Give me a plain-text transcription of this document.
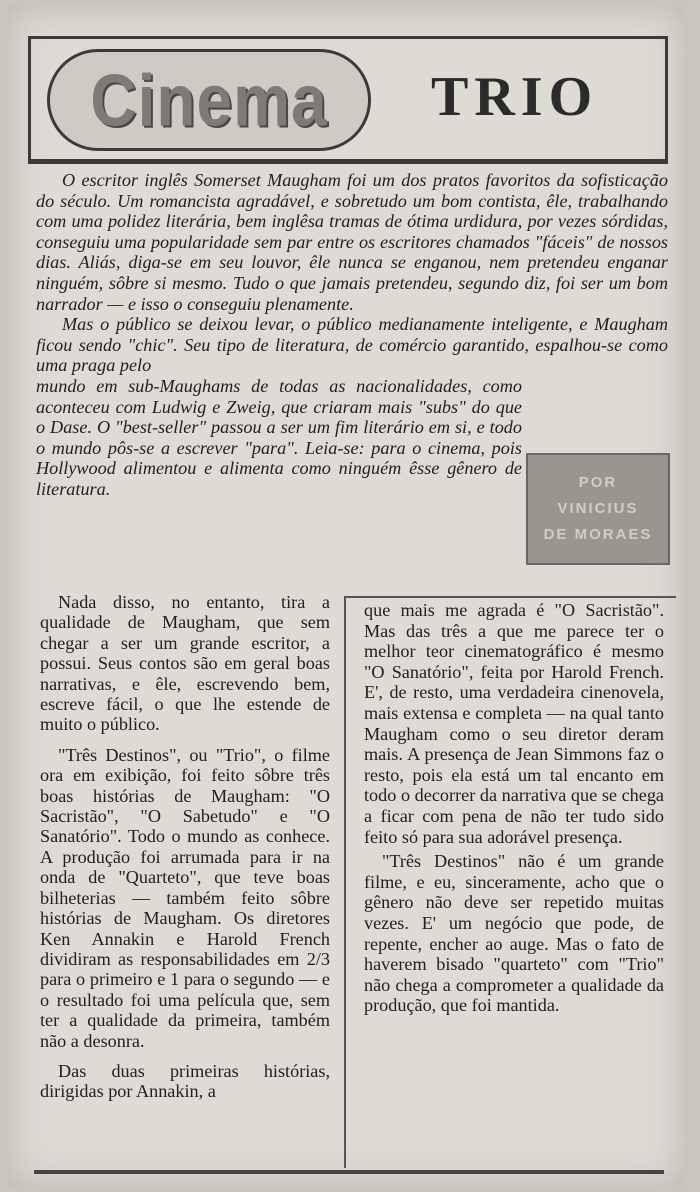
Cinema TRIO

O escritor inglês Somerset Maugham foi um dos pratos favoritos da sofisticação do século. Um romancista agradável, e sobretudo um bom contista, êle, trabalhando com uma polidez literária, bem inglêsa tramas de ótima urdidura, por vezes sórdidas, conseguiu uma popularidade sem par entre os escritores chamados "fáceis" de nossos dias. Aliás, diga-se em seu louvor, êle nunca se enganou, nem pretendeu enganar ninguém, sôbre si mesmo. Tudo o que jamais pretendeu, segundo diz, foi ser um bom narrador — e isso o conseguiu plenamente.

Mas o público se deixou levar, o público medianamente inteligente, e Maugham ficou sendo "chic". Seu tipo de literatura, de comércio garantido, espalhou-se como uma praga pelo

mundo em sub-Maughams de todas as nacionalidades, como aconteceu com Ludwig e Zweig, que criaram mais "subs" do que o Dase. O "best-seller" passou a ser um fim literário em si, e todo o mundo pôs-se a escrever "para". Leia-se: para o cinema, pois Hollywood alimentou e alimenta como ninguém êsse gênero de literatura.	POR
VINICIUS
DE MORAES

Nada disso, no entanto, tira a qualidade de Maugham, que sem chegar a ser um grande escritor, a possui. Seus contos são em geral boas narrativas, e êle, escrevendo bem, escreve fácil, o que lhe estende de muito o público.

"Três Destinos", ou "Trio", o filme ora em exibição, foi feito sôbre três boas histórias de Maugham: "O Sacristão", "O Sabetudo" e "O Sanatório". Todo o mundo as conhece. A produção foi arrumada para ir na onda de "Quarteto", que teve boas bilheterias — também feito sôbre histórias de Maugham. Os diretores Ken Annakin e Harold French dividiram as responsabilidades em 2/3 para o primeiro e 1 para o segundo — e o resultado foi uma película que, sem ter a qualidade da primeira, também não a desonra.

Das duas primeiras histórias, dirigidas por Annakin, a

que mais me agrada é "O Sacristão". Mas das três a que me parece ter o melhor teor cinematográfico é mesmo "O Sanatório", feita por Harold French. E', de resto, uma verdadeira cinenovela, mais extensa e completa — na qual tanto Maugham como o seu diretor deram mais. A presença de Jean Simmons faz o resto, pois ela está um tal encanto em todo o decorrer da narrativa que se chega a ficar com pena de não ter tudo sido feito só para sua adorável presença.

"Três Destinos" não é um grande filme, e eu, sinceramente, acho que o gênero não deve ser repetido muitas vezes. E' um negócio que pode, de repente, encher ao auge. Mas o fato de haverem bisado "quarteto" com "Trio" não chega a comprometer a qualidade da produção, que foi mantida.
